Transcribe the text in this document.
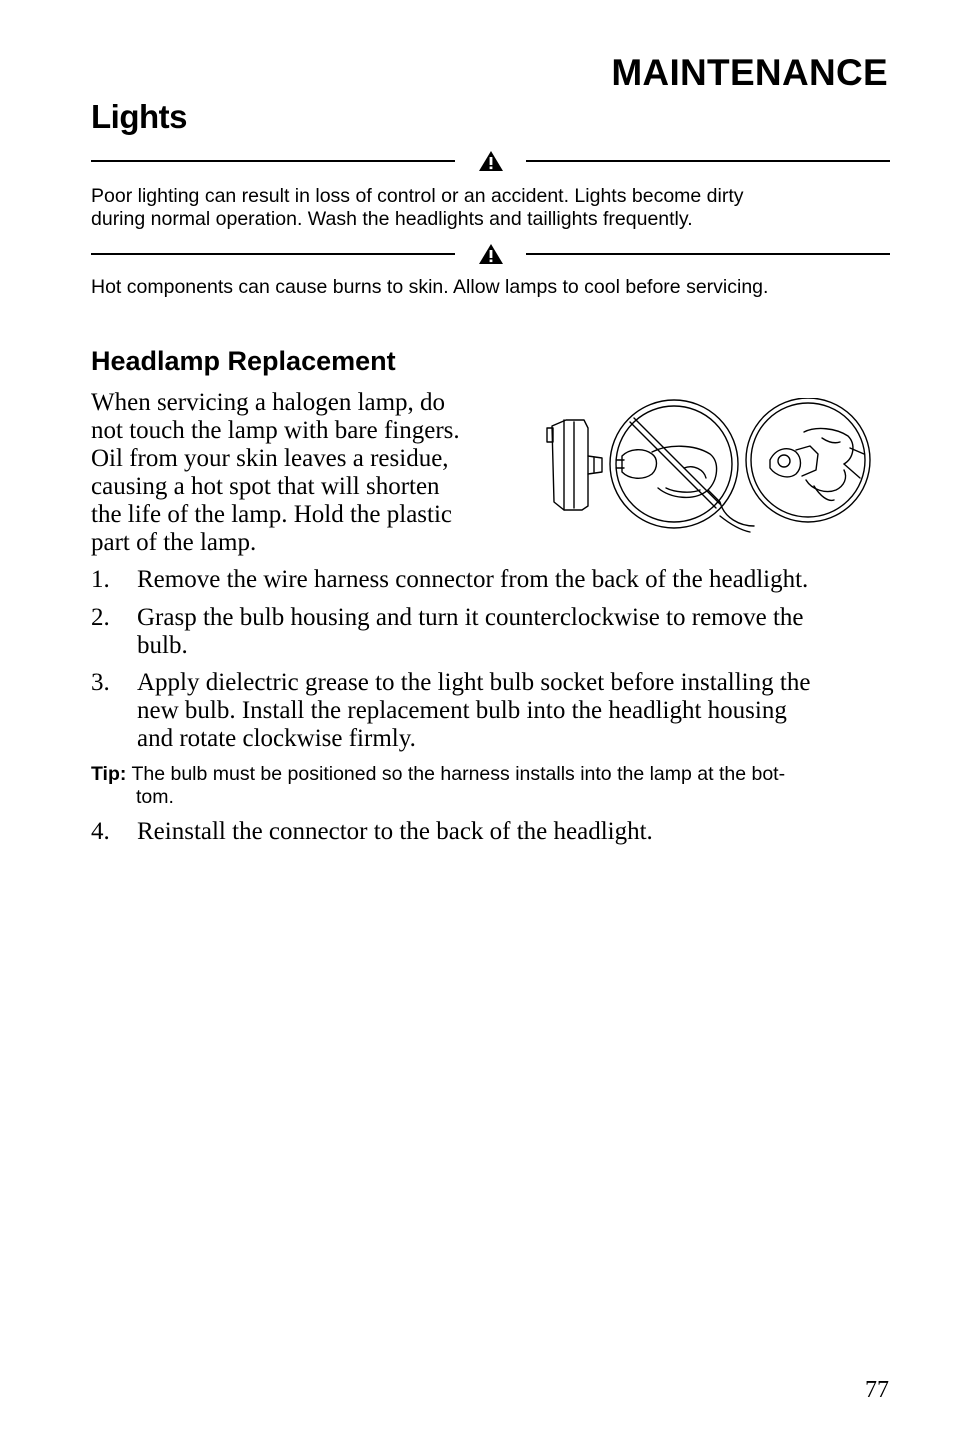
MAINTENANCE
Lights
Poor lighting can result in loss of control or an accident. Lights become dirty
during normal operation. Wash the headlights and taillights frequently.
Hot components can cause burns to skin. Allow lamps to cool before servicing.
Headlamp Replacement
When servicing a halogen lamp, do
not touch the lamp with bare fingers.
Oil from your skin leaves a residue,
causing a hot spot that will shorten
the life of the lamp. Hold the plastic
part of the lamp.
1. Remove the wire harness connector from the back of the headlight.
2. Grasp the bulb housing and turn it counterclockwise to remove the
bulb.
3. Apply dielectric grease to the light bulb socket before installing the
new bulb. Install the replacement bulb into the headlight housing
and rotate clockwise firmly.
Tip: The bulb must be positioned so the harness installs into the lamp at the bot-
tom.
4. Reinstall the connector to the back of the headlight.
77
